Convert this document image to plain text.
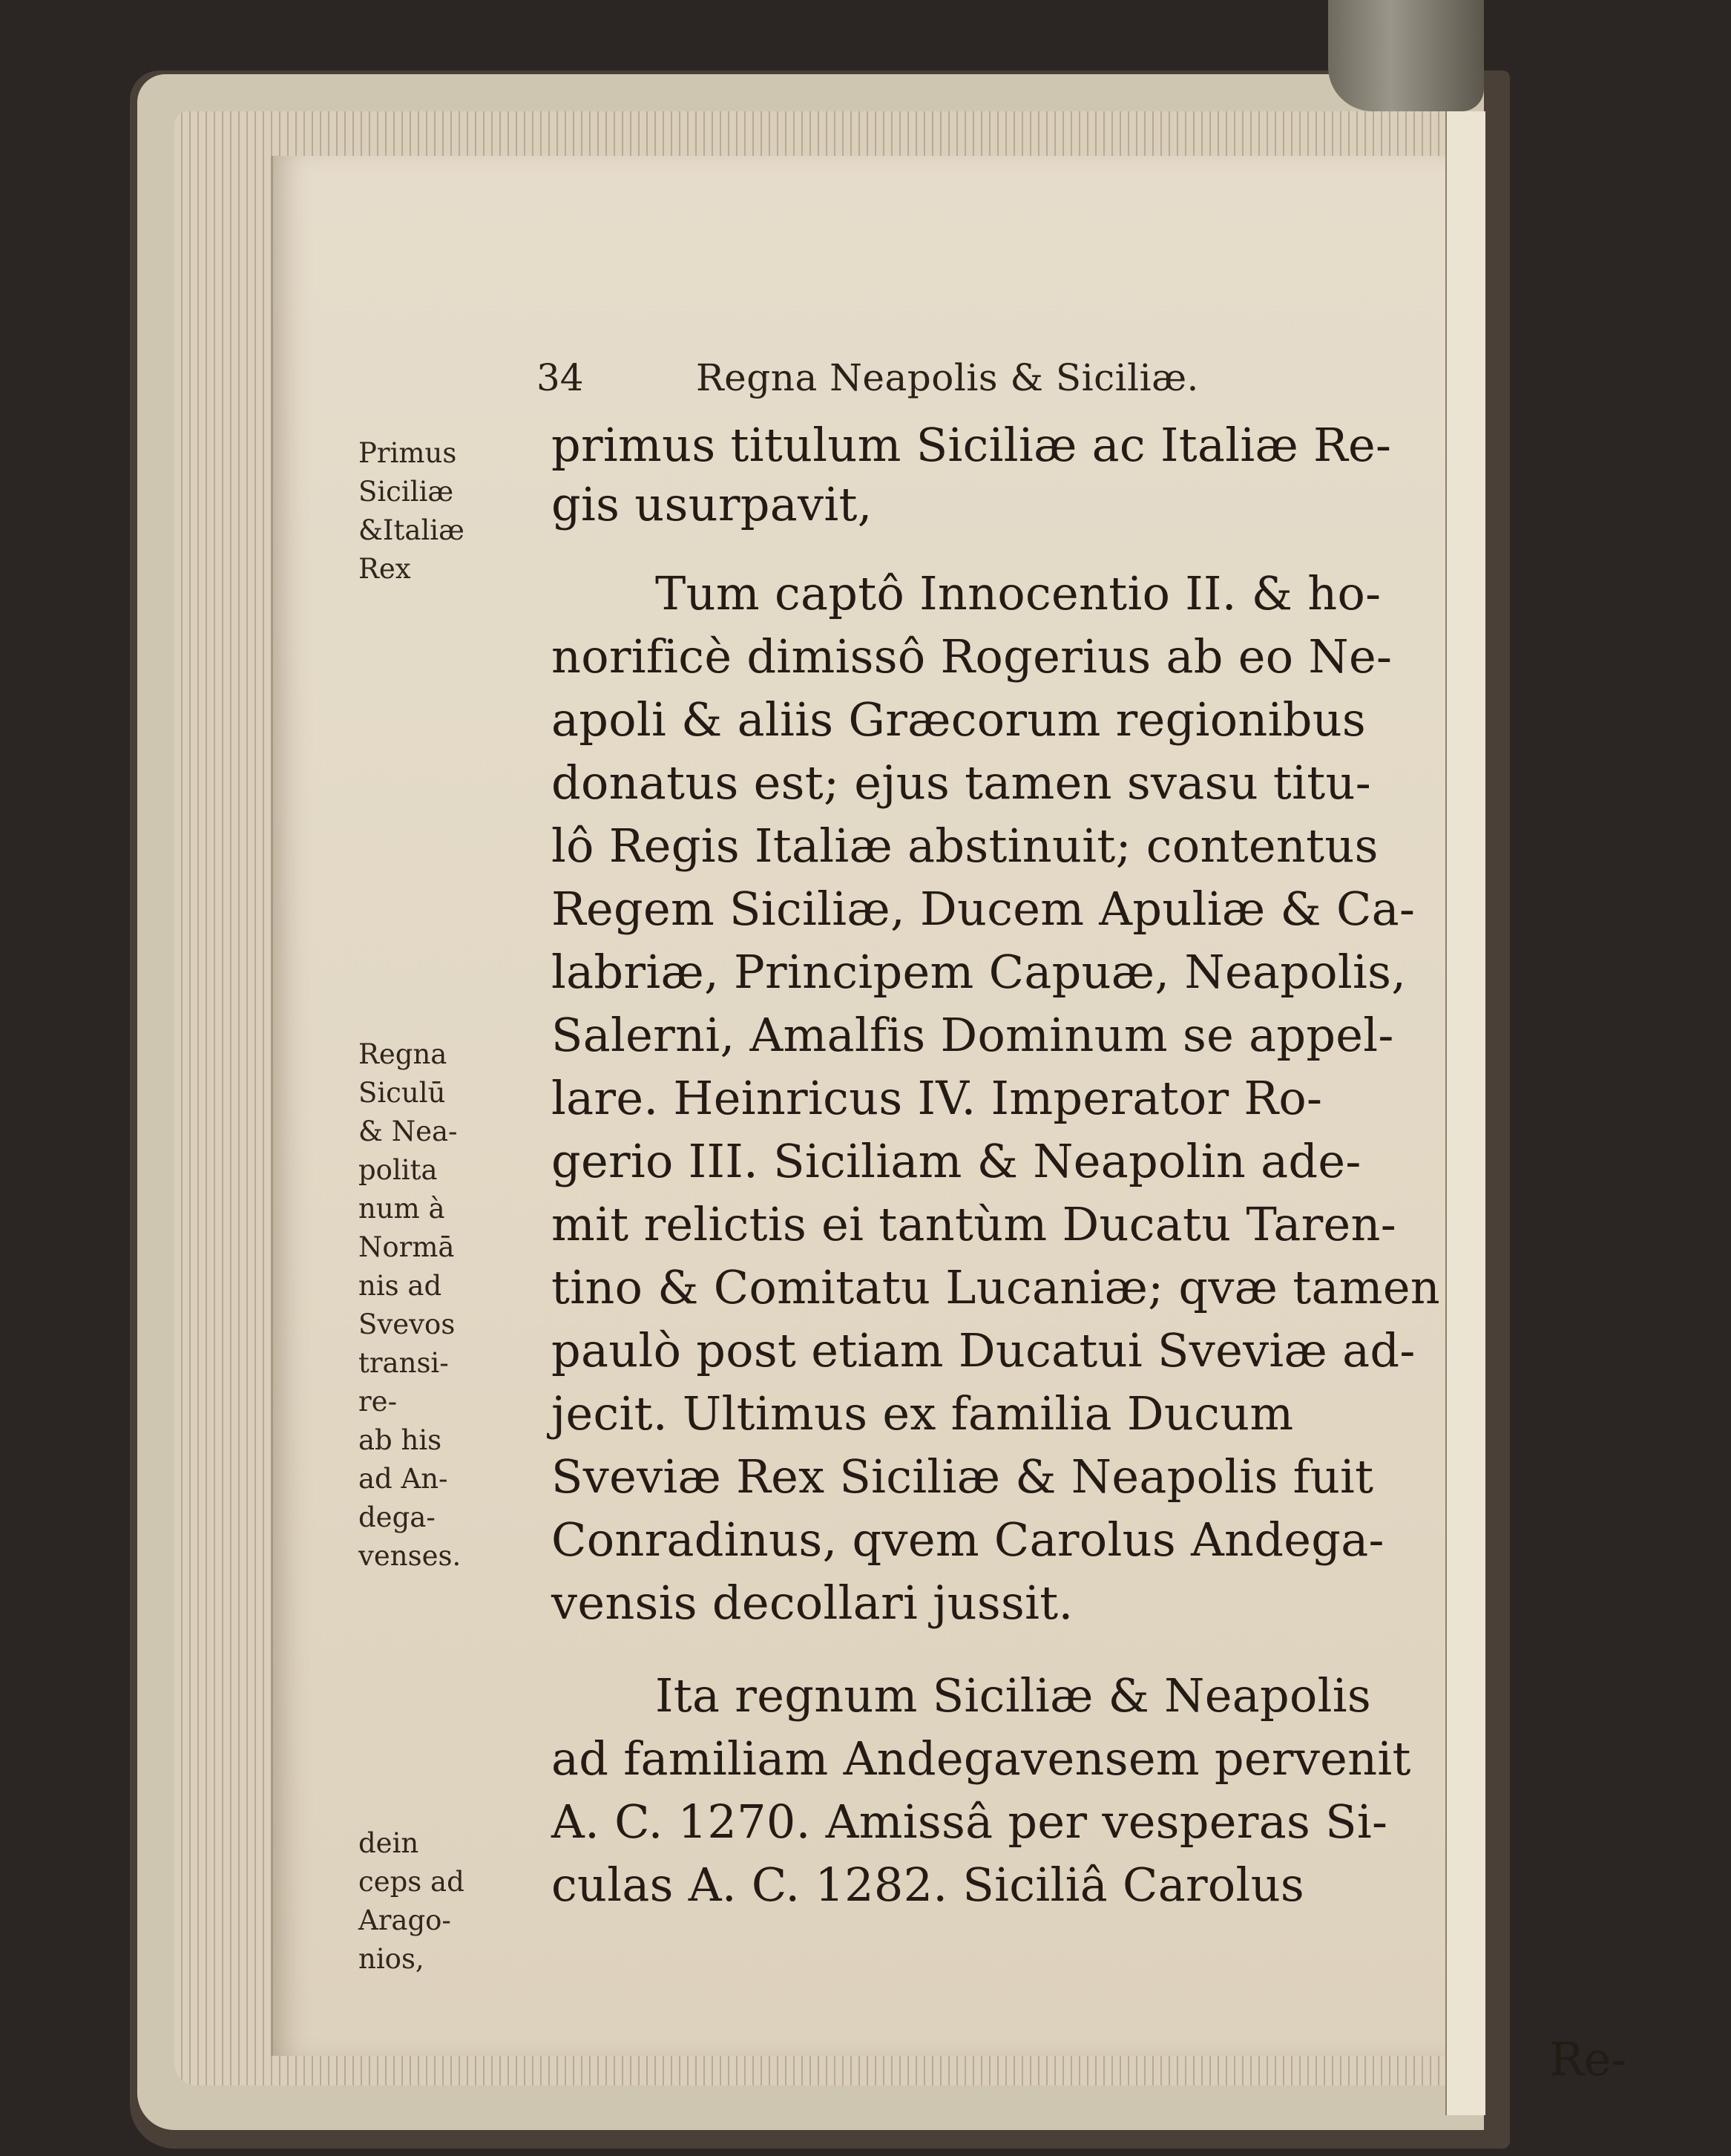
34	Regna Neapolis & Siciliæ.
Primus
Siciliæ
&Italiæ
Rex
Regna
Siculū
& Nea-
polita
num à
Normā
nis ad
Svevos
transi-
re-
ab his
ad An-
dega-
venses.
dein
ceps ad
Arago-
nios,
primus titulum Siciliæ ac Italiæ Re-
gis usurpavit,
Tum captô Innocentio II. & ho-
norificè dimissô Rogerius ab eo Ne-
apoli & aliis Græcorum regionibus
donatus est; ejus tamen svasu titu-
lô Regis Italiæ abstinuit; contentus
Regem Siciliæ, Ducem Apuliæ & Ca-
labriæ, Principem Capuæ, Neapolis,
Salerni, Amalfis Dominum se appel-
lare. Heinricus IV. Imperator Ro-
gerio III. Siciliam & Neapolin ade-
mit relictis ei tantùm Ducatu Taren-
tino & Comitatu Lucaniæ; qvæ tamen
paulò post etiam Ducatui Sveviæ ad-
jecit. Ultimus ex familia Ducum
Sveviæ Rex Siciliæ & Neapolis fuit
Conradinus, qvem Carolus Andega-
vensis decollari jussit.
Ita regnum Siciliæ & Neapolis
ad familiam Andegavensem pervenit
A. C. 1270. Amissâ per vesperas Si-
culas A. C. 1282. Siciliâ Carolus
Re-
